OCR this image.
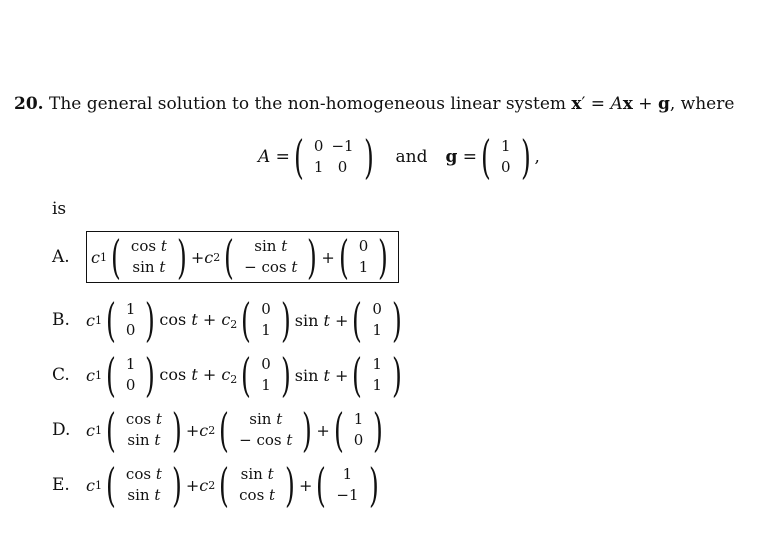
20. The general solution to the non-homogeneous linear system x′ = Ax + g, where
A = ( 0	−1
1	0 ) and g = ( 1
0 ) ,
is
A.	c 1 ( cos t
sin t ) + c 2 ( sin t
− cos t ) + ( 0
1 )
B.	c 1 ( 1
0 ) $\cos t + c_2$ ( 0
1 ) sin t + ( 0
1 )
C.	c 1 ( 1
0 ) $\cos t + c_2$ ( 0
1 ) sin t + ( 1
1 )
D. c 1 ( cos t
sin t ) + c 2 ( sin t
− cos t ) + ( 1
0 )
E.	c 1 ( cos t
sin t ) + c 2 ( sin t
cos t ) + ( 1
−1 )
